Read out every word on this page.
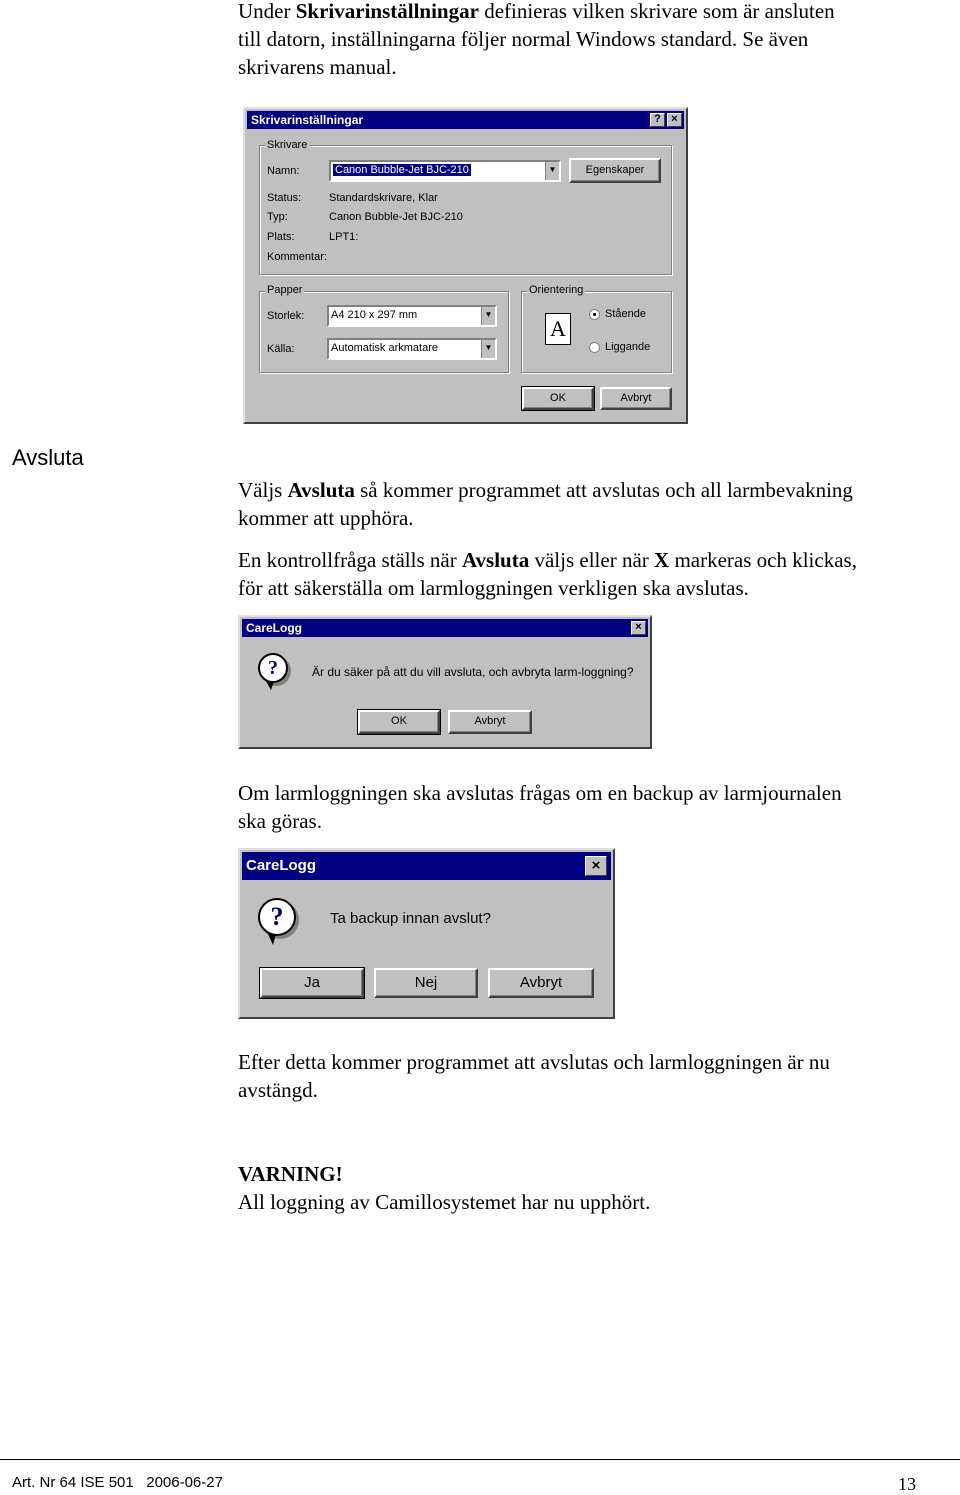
Under Skrivarinställningar definieras vilken skrivare som är ansluten
till datorn, inställningarna följer normal Windows standard. Se även
skrivarens manual.
Skrivarinställningar	? ×
Skrivare
Namn:	Canon Bubble-Jet BJC-210	▼	Egenskaper
Status:	Standardskrivare, Klar
Typ:	Canon Bubble-Jet BJC-210
Plats:	LPT1:
Kommentar:
Papper
Storlek:	A4 210 x 297 mm	▼
Källa:	Automatisk arkmatare	▼
Orientering
A
Stående
Liggande
OK	Avbryt
Avsluta
Väljs Avsluta så kommer programmet att avslutas och all larmbevakning
kommer att upphöra.
En kontrollfråga ställs när Avsluta väljs eller när X markeras och klickas,
för att säkerställa om larmloggningen verkligen ska avslutas.
CareLogg	×
?	Är du säker på att du vill avsluta, och avbryta larm-loggning?
OK	Avbryt
Om larmloggningen ska avslutas frågas om en backup av larmjournalen
ska göras.
CareLogg	×
?	Ta backup innan avslut?
Ja	Nej	Avbryt
Efter detta kommer programmet att avslutas och larmloggningen är nu
avstängd.
VARNING!
All loggning av Camillosystemet har nu upphört.
Art. Nr 64 ISE 501   2006-06-27	13
